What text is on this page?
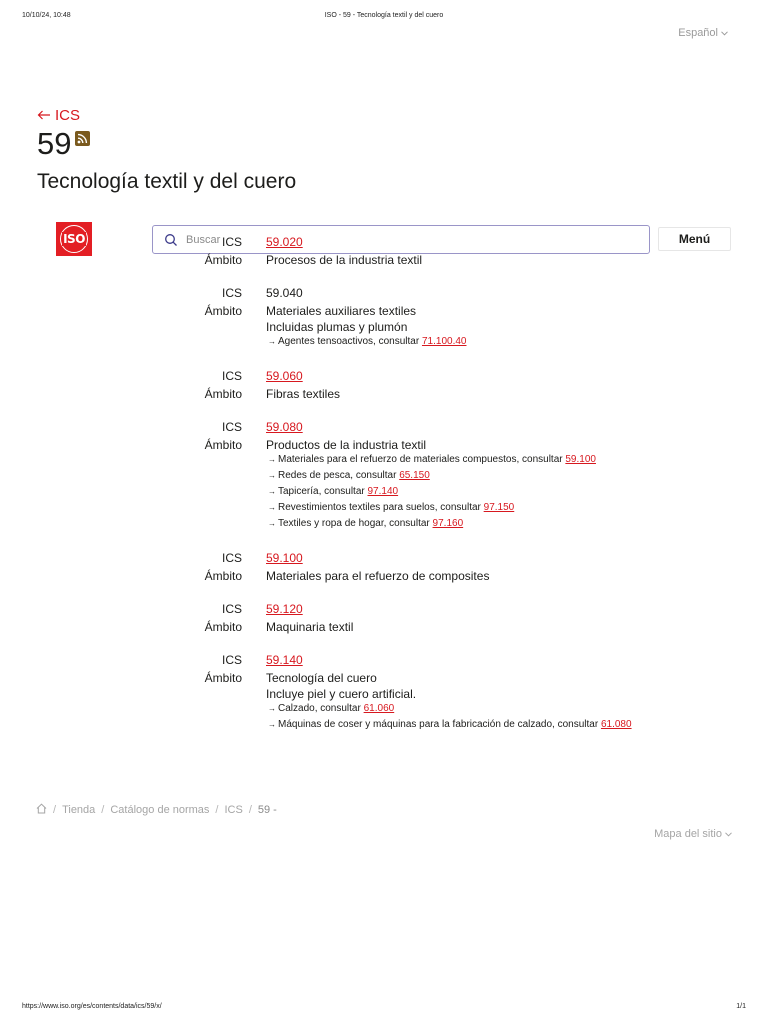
10/10/24, 10:48	ISO - 59 - Tecnología textil y del cuero
Español
ICS
59
Tecnología textil y del cuero
ISO
Buscar	Menú
ICS 59.020
Ámbito Procesos de la industria textil
ICS 59.040
Ámbito Materiales auxiliares textiles
Incluidas plumas y plumón
→ Agentes tensoactivos, consultar 71.100.40
ICS 59.060
Ámbito Fibras textiles
ICS 59.080
Ámbito Productos de la industria textil
→ Materiales para el refuerzo de materiales compuestos, consultar 59.100
→ Redes de pesca, consultar 65.150
→ Tapicería, consultar 97.140
→ Revestimientos textiles para suelos, consultar 97.150
→ Textiles y ropa de hogar, consultar 97.160
ICS 59.100
Ámbito Materiales para el refuerzo de composites
ICS 59.120
Ámbito Maquinaria textil
ICS 59.140
Ámbito Tecnología del cuero
Incluye piel y cuero artificial.
→ Calzado, consultar 61.060
→ Máquinas de coser y máquinas para la fabricación de calzado, consultar 61.080
/ Tienda / Catálogo de normas / ICS / 59 -
Mapa del sitio
https://www.iso.org/es/contents/data/ics/59/x/	1/1
